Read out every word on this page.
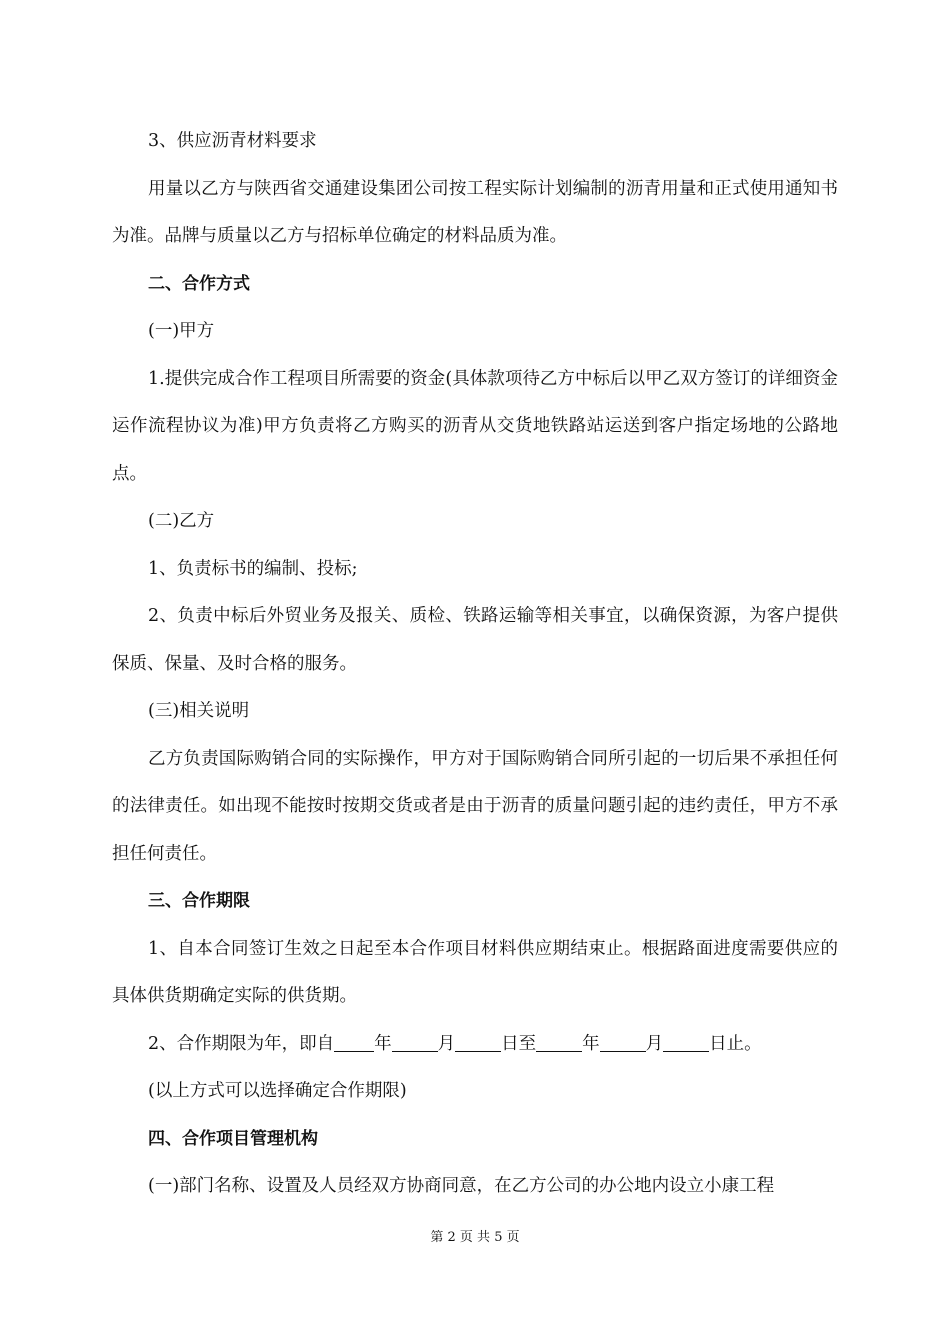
3、供应沥青材料要求

用量以乙方与陕西省交通建设集团公司按工程实际计划编制的沥青用量和正式使用通知书为准。品牌与质量以乙方与招标单位确定的材料品质为准。

二、合作方式

(一)甲方

1.提供完成合作工程项目所需要的资金(具体款项待乙方中标后以甲乙双方签订的详细资金运作流程协议为准)甲方负责将乙方购买的沥青从交货地铁路站运送到客户指定场地的公路地点。

(二)乙方

1、负责标书的编制、投标;

2、负责中标后外贸业务及报关、质检、铁路运输等相关事宜，以确保资源，为客户提供保质、保量、及时合格的服务。

(三)相关说明

乙方负责国际购销合同的实际操作，甲方对于国际购销合同所引起的一切后果不承担任何的法律责任。如出现不能按时按期交货或者是由于沥青的质量问题引起的违约责任，甲方不承担任何责任。

三、合作期限

1、自本合同签订生效之日起至本合作项目材料供应期结束止。根据路面进度需要供应的具体供货期确定实际的供货期。

2、合作期限为年，即自 年	月	日至	年	月	日止。

(以上方式可以选择确定合作期限)

四、合作项目管理机构

(一)部门名称、设置及人员经双方协商同意，在乙方公司的办公地内设立小康工程

第 2 页 共 5 页
